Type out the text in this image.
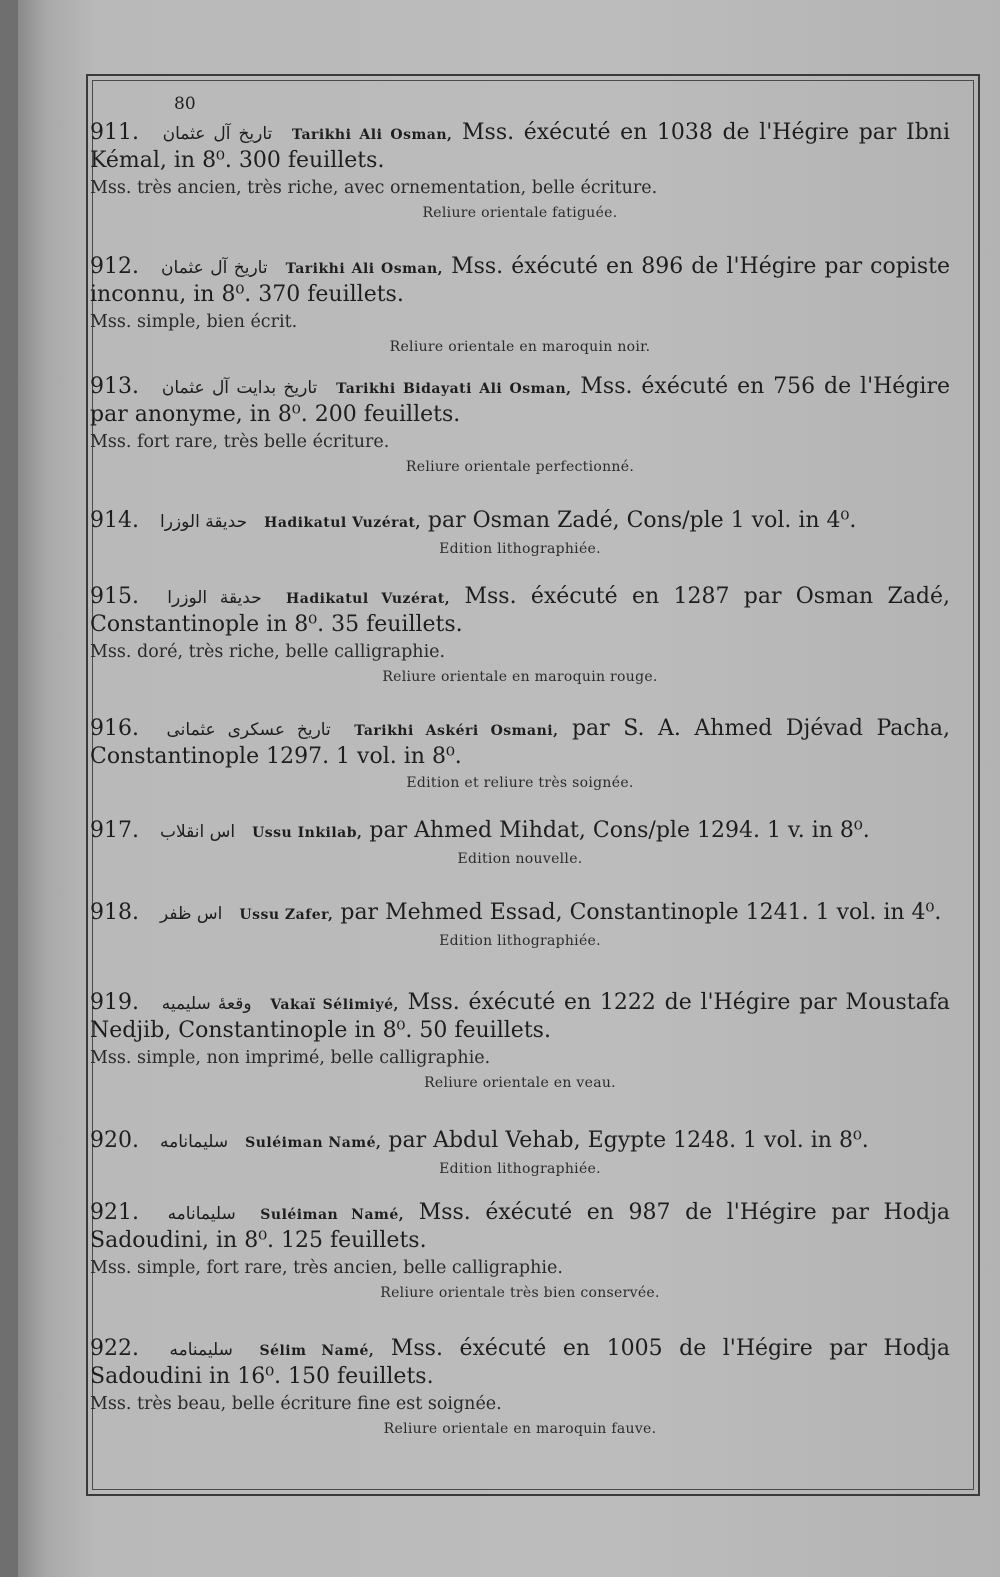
80
911. تاریخ آل عثمان Tarikhi Ali Osman, Mss. éxécuté en 1038 de l'Hégire par Ibni Kémal, in 8⁰. 300 feuillets.
Mss. très ancien, très riche, avec ornementation, belle écriture.
Reliure orientale fatiguée.
912. تاریخ آل عثمان Tarikhi Ali Osman, Mss. éxécuté en 896 de l'Hégire par copiste inconnu, in 8⁰. 370 feuillets.
Mss. simple, bien écrit.
Reliure orientale en maroquin noir.
913. تاریخ بدایت آل عثمان Tarikhi Bidayati Ali Osman, Mss. éxécuté en 756 de l'Hégire par anonyme, in 8⁰. 200 feuillets.
Mss. fort rare, très belle écriture.
Reliure orientale perfectionné.
914. حدیقة الوزرا Hadikatul Vuzérat, par Osman Zadé, Cons/ple 1 vol. in 4⁰.
Edition lithographiée.
915. حدیقة الوزرا Hadikatul Vuzérat, Mss. éxécuté en 1287 par Osman Zadé, Constantinople in 8⁰. 35 feuillets.
Mss. doré, très riche, belle calligraphie.
Reliure orientale en maroquin rouge.
916. تاریخ عسکری عثمانی Tarikhi Askéri Osmani, par S. A. Ahmed Djévad Pacha, Constantinople 1297. 1 vol. in 8⁰.
Edition et reliure très soignée.
917. اس انقلاب Ussu Inkilab, par Ahmed Mihdat, Cons/ple 1294. 1 v. in 8⁰.
Edition nouvelle.
918. اس ظفر Ussu Zafer, par Mehmed Essad, Constantinople 1241. 1 vol. in 4⁰.
Edition lithographiée.
919. وقعهٔ سلیمیه Vakaï Sélimiyé, Mss. éxécuté en 1222 de l'Hégire par Moustafa Nedjib, Constantinople in 8⁰. 50 feuillets.
Mss. simple, non imprimé, belle calligraphie.
Reliure orientale en veau.
920. سلیمانامه Suléiman Namé, par Abdul Vehab, Egypte 1248. 1 vol. in 8⁰.
Edition lithographiée.
921. سلیمانامه Suléiman Namé, Mss. éxécuté en 987 de l'Hégire par Hodja Sadoudini, in 8⁰. 125 feuillets.
Mss. simple, fort rare, très ancien, belle calligraphie.
Reliure orientale très bien conservée.
922. سلیمنامه Sélim Namé, Mss. éxécuté en 1005 de l'Hégire par Hodja Sadoudini in 16⁰. 150 feuillets.
Mss. très beau, belle écriture fine est soignée.
Reliure orientale en maroquin fauve.
